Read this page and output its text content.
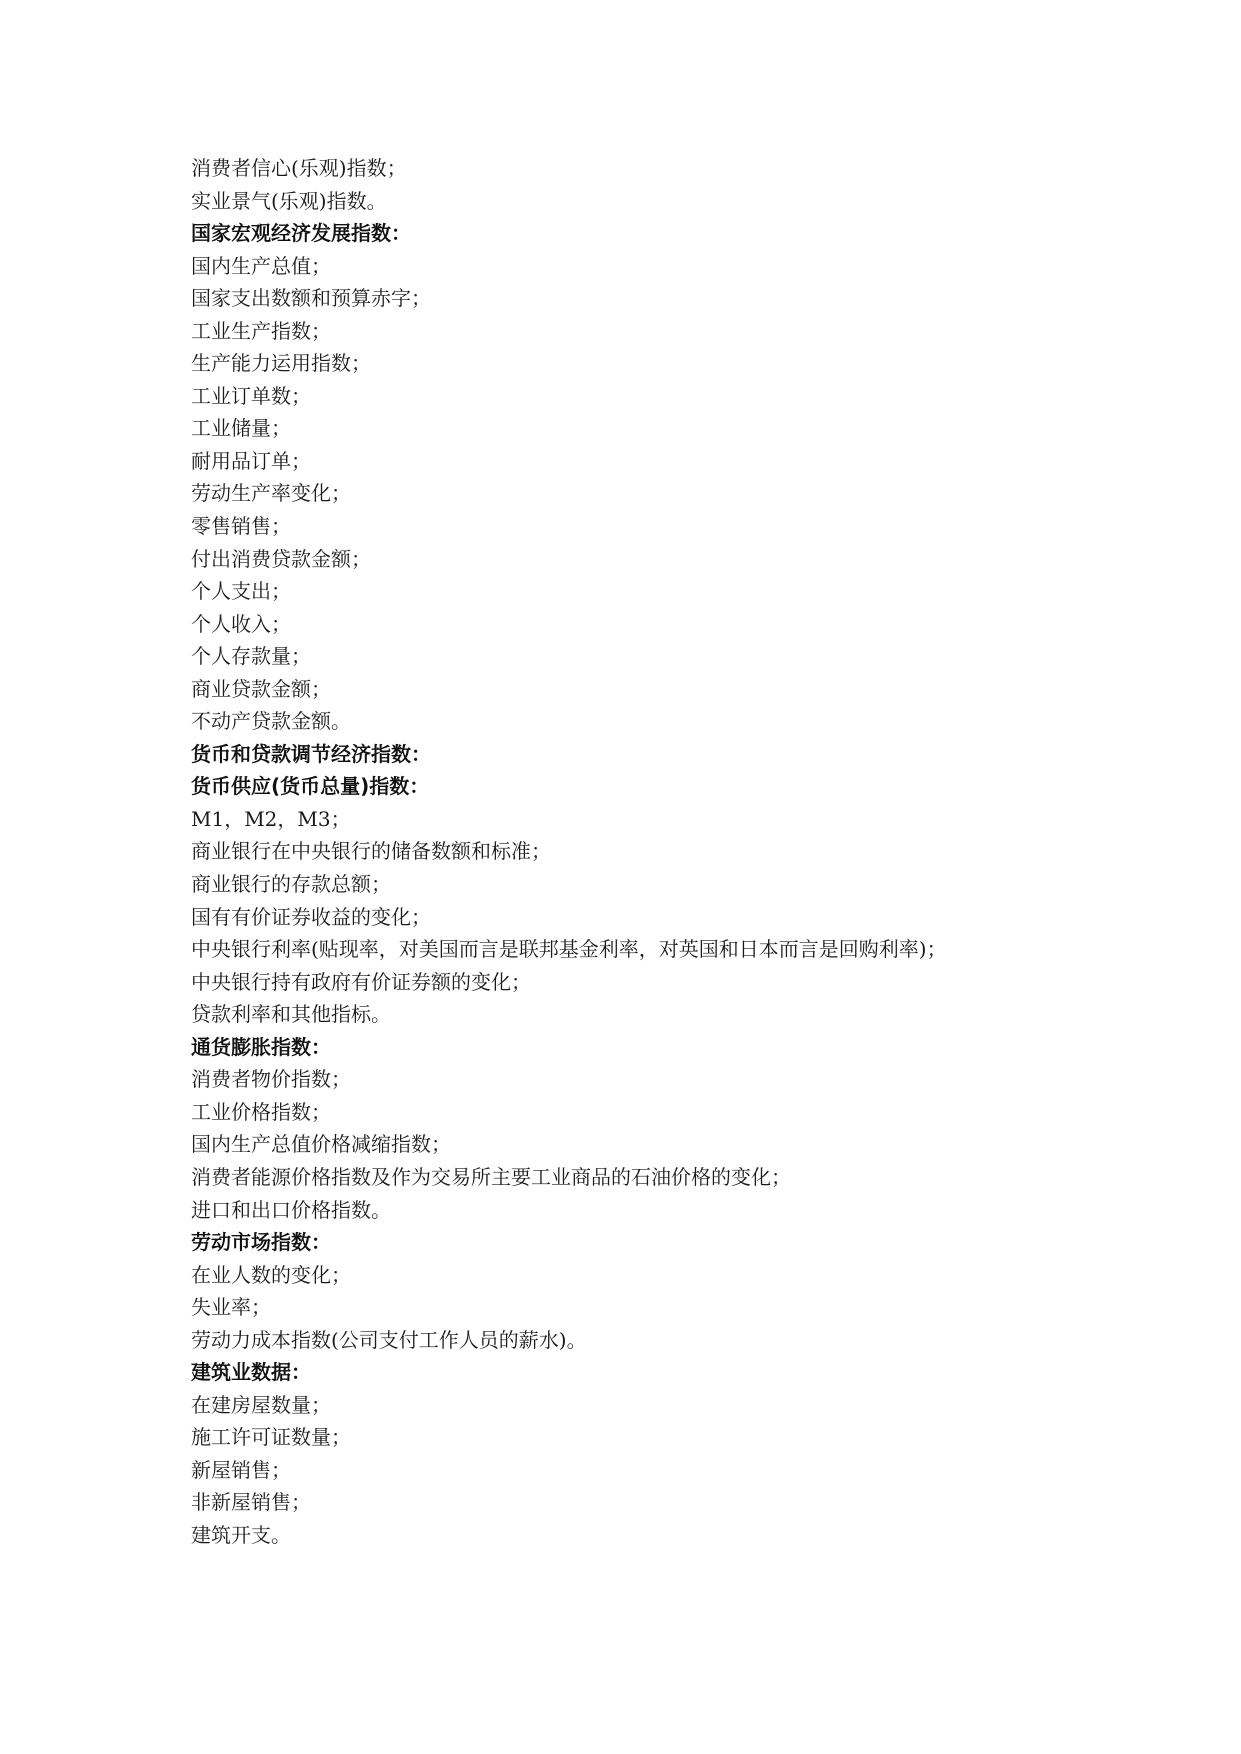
消费者信心(乐观)指数；
实业景气(乐观)指数。
国家宏观经济发展指数：
国内生产总值；
国家支出数额和预算赤字；
工业生产指数；
生产能力运用指数；
工业订单数；
工业储量；
耐用品订单；
劳动生产率变化；
零售销售；
付出消费贷款金额；
个人支出；
个人收入；
个人存款量；
商业贷款金额；
不动产贷款金额。
货币和贷款调节经济指数：
货币供应(货币总量)指数：
M1，M2，M3；
商业银行在中央银行的储备数额和标准；
商业银行的存款总额；
国有有价证券收益的变化；
中央银行利率(贴现率，对美国而言是联邦基金利率，对英国和日本而言是回购利率)；
中央银行持有政府有价证券额的变化；
贷款利率和其他指标。
通货膨胀指数：
消费者物价指数；
工业价格指数；
国内生产总值价格减缩指数；
消费者能源价格指数及作为交易所主要工业商品的石油价格的变化；
进口和出口价格指数。
劳动市场指数：
在业人数的变化；
失业率；
劳动力成本指数(公司支付工作人员的薪水)。
建筑业数据：
在建房屋数量；
施工许可证数量；
新屋销售；
非新屋销售；
建筑开支。
